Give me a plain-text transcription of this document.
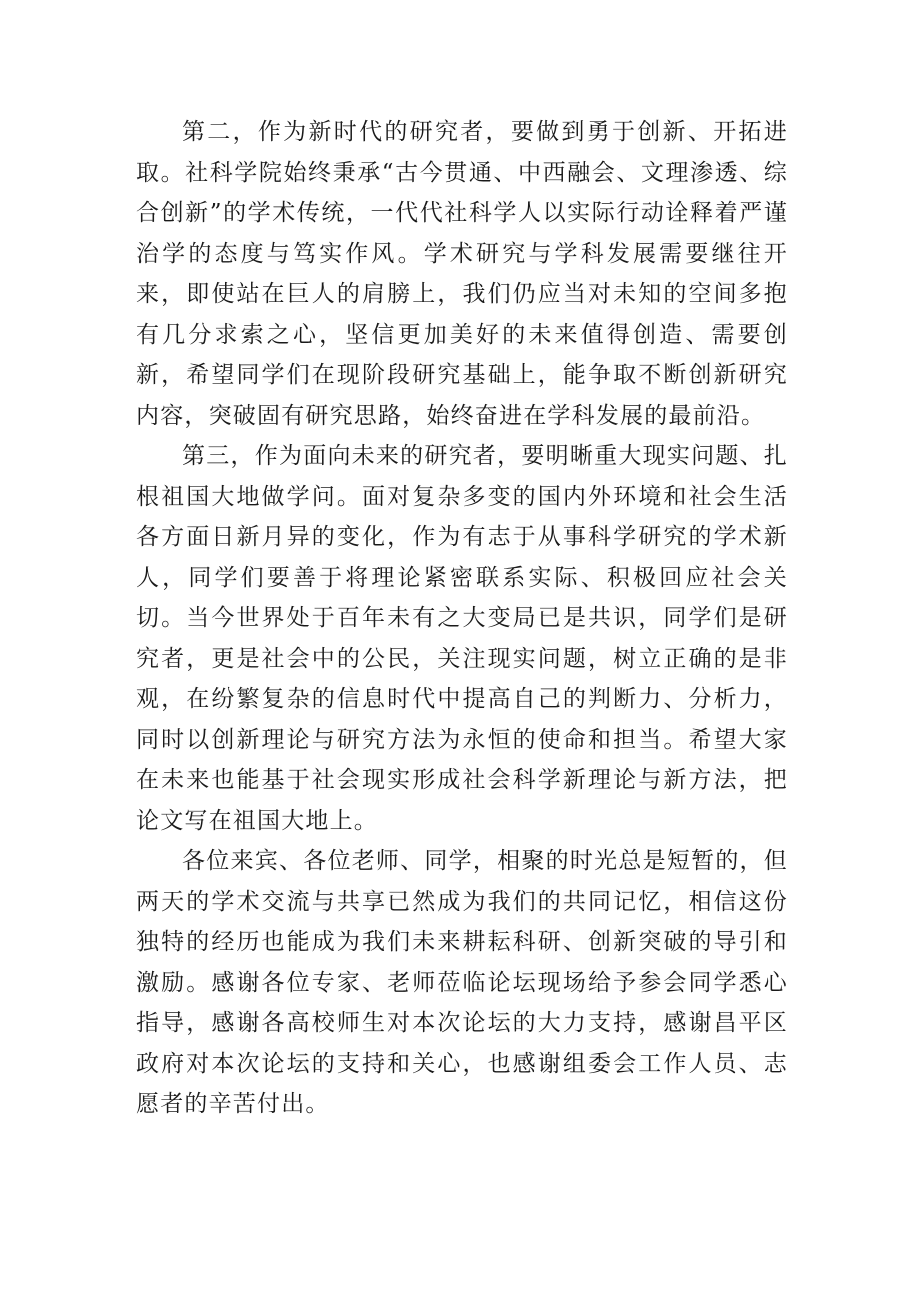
第二，作为新时代的研究者，要做到勇于创新、开拓进取。社科学院始终秉承“古今贯通、中西融会、文理渗透、综合创新”的学术传统，一代代社科学人以实际行动诠释着严谨治学的态度与笃实作风。学术研究与学科发展需要继往开来，即使站在巨人的肩膀上，我们仍应当对未知的空间多抱有几分求索之心，坚信更加美好的未来值得创造、需要创新，希望同学们在现阶段研究基础上，能争取不断创新研究内容，突破固有研究思路，始终奋进在学科发展的最前沿。

第三，作为面向未来的研究者，要明晰重大现实问题、扎根祖国大地做学问。面对复杂多变的国内外环境和社会生活各方面日新月异的变化，作为有志于从事科学研究的学术新人，同学们要善于将理论紧密联系实际、积极回应社会关切。当今世界处于百年未有之大变局已是共识，同学们是研究者，更是社会中的公民，关注现实问题，树立正确的是非观，在纷繁复杂的信息时代中提高自己的判断力、分析力，同时以创新理论与研究方法为永恒的使命和担当。希望大家在未来也能基于社会现实形成社会科学新理论与新方法，把论文写在祖国大地上。

各位来宾、各位老师、同学，相聚的时光总是短暂的，但两天的学术交流与共享已然成为我们的共同记忆，相信这份独特的经历也能成为我们未来耕耘科研、创新突破的导引和激励。感谢各位专家、老师莅临论坛现场给予参会同学悉心指导，感谢各高校师生对本次论坛的大力支持，感谢昌平区政府对本次论坛的支持和关心，也感谢组委会工作人员、志愿者的辛苦付出。
